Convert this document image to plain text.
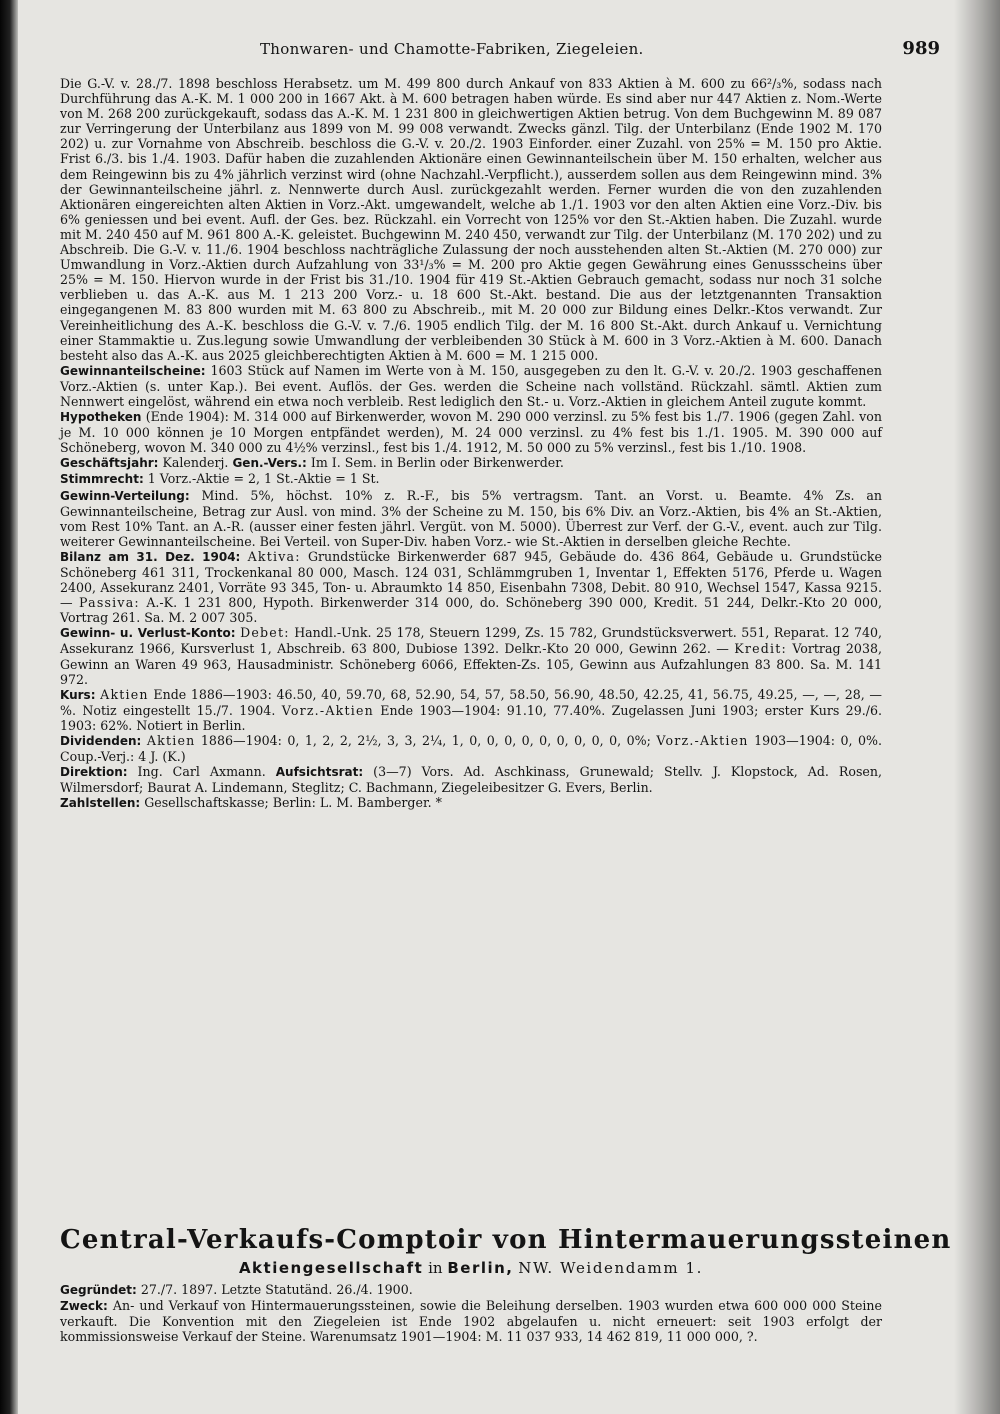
Thonwaren- und Chamotte-Fabriken, Ziegeleien.	989

Die G.-V. v. 28./7. 1898 beschloss Herabsetz. um M. 499 800 durch Ankauf von 833 Aktien à M. 600 zu 66²/₃%, sodass nach Durchführung das A.-K. M. 1 000 200 in 1667 Akt. à M. 600 betragen haben würde. Es sind aber nur 447 Aktien z. Nom.-Werte von M. 268 200 zurückgekauft, sodass das A.-K. M. 1 231 800 in gleichwertigen Aktien betrug. Von dem Buchgewinn M. 89 087 zur Verringerung der Unterbilanz aus 1899 von M. 99 008 verwandt. Zwecks gänzl. Tilg. der Unterbilanz (Ende 1902 M. 170 202) u. zur Vornahme von Abschreib. beschloss die G.-V. v. 20./2. 1903 Einforder. einer Zuzahl. von 25% = M. 150 pro Aktie. Frist 6./3. bis 1./4. 1903. Dafür haben die zuzahlenden Aktionäre einen Gewinnanteilschein über M. 150 erhalten, welcher aus dem Reingewinn bis zu 4% jährlich verzinst wird (ohne Nachzahl.-Verpflicht.), ausserdem sollen aus dem Reingewinn mind. 3% der Gewinnanteilscheine jährl. z. Nennwerte durch Ausl. zurückgezahlt werden. Ferner wurden die von den zuzahlenden Aktionären eingereichten alten Aktien in Vorz.-Akt. umgewandelt, welche ab 1./1. 1903 vor den alten Aktien eine Vorz.-Div. bis 6% geniessen und bei event. Aufl. der Ges. bez. Rückzahl. ein Vorrecht von 125% vor den St.-Aktien haben. Die Zuzahl. wurde mit M. 240 450 auf M. 961 800 A.-K. geleistet. Buchgewinn M. 240 450, verwandt zur Tilg. der Unterbilanz (M. 170 202) und zu Abschreib. Die G.-V. v. 11./6. 1904 beschloss nachträgliche Zulassung der noch ausstehenden alten St.-Aktien (M. 270 000) zur Umwandlung in Vorz.-Aktien durch Aufzahlung von 33¹/₃% = M. 200 pro Aktie gegen Gewährung eines Genussscheins über 25% = M. 150. Hiervon wurde in der Frist bis 31./10. 1904 für 419 St.-Aktien Gebrauch gemacht, sodass nur noch 31 solche verblieben u. das A.-K. aus M. 1 213 200 Vorz.- u. 18 600 St.-Akt. bestand. Die aus der letztgenannten Transaktion eingegangenen M. 83 800 wurden mit M. 63 800 zu Abschreib., mit M. 20 000 zur Bildung eines Delkr.-Ktos verwandt. Zur Vereinheitlichung des A.-K. beschloss die G.-V. v. 7./6. 1905 endlich Tilg. der M. 16 800 St.-Akt. durch Ankauf u. Vernichtung einer Stammaktie u. Zus.legung sowie Umwandlung der verbleibenden 30 Stück à M. 600 in 3 Vorz.-Aktien à M. 600. Danach besteht also das A.-K. aus 2025 gleichberechtigten Aktien à M. 600 = M. 1 215 000.

Gewinnanteilscheine: 1603 Stück auf Namen im Werte von à M. 150, ausgegeben zu den lt. G.-V. v. 20./2. 1903 geschaffenen Vorz.-Aktien (s. unter Kap.). Bei event. Auflös. der Ges. werden die Scheine nach vollständ. Rückzahl. sämtl. Aktien zum Nennwert eingelöst, während ein etwa noch verbleib. Rest lediglich den St.- u. Vorz.-Aktien in gleichem Anteil zugute kommt.

Hypotheken (Ende 1904): M. 314 000 auf Birkenwerder, wovon M. 290 000 verzinsl. zu 5% fest bis 1./7. 1906 (gegen Zahl. von je M. 10 000 können je 10 Morgen entpfändet werden), M. 24 000 verzinsl. zu 4% fest bis 1./1. 1905. M. 390 000 auf Schöneberg, wovon M. 340 000 zu 4½% verzinsl., fest bis 1./4. 1912, M. 50 000 zu 5% verzinsl., fest bis 1./10. 1908.

Geschäftsjahr: Kalenderj. Gen.-Vers.: Im I. Sem. in Berlin oder Birkenwerder.

Stimmrecht: 1 Vorz.-Aktie = 2, 1 St.-Aktie = 1 St.

Gewinn-Verteilung: Mind. 5%, höchst. 10% z. R.-F., bis 5% vertragsm. Tant. an Vorst. u. Beamte. 4% Zs. an Gewinnanteilscheine, Betrag zur Ausl. von mind. 3% der Scheine zu M. 150, bis 6% Div. an Vorz.-Aktien, bis 4% an St.-Aktien, vom Rest 10% Tant. an A.-R. (ausser einer festen jährl. Vergüt. von M. 5000). Überrest zur Verf. der G.-V., event. auch zur Tilg. weiterer Gewinnanteilscheine. Bei Verteil. von Super-Div. haben Vorz.- wie St.-Aktien in derselben gleiche Rechte.

Bilanz am 31. Dez. 1904: Aktiva: Grundstücke Birkenwerder 687 945, Gebäude do. 436 864, Gebäude u. Grundstücke Schöneberg 461 311, Trockenkanal 80 000, Masch. 124 031, Schlämmgruben 1, Inventar 1, Effekten 5176, Pferde u. Wagen 2400, Assekuranz 2401, Vorräte 93 345, Ton- u. Abraumkto 14 850, Eisenbahn 7308, Debit. 80 910, Wechsel 1547, Kassa 9215. — Passiva: A.-K. 1 231 800, Hypoth. Birkenwerder 314 000, do. Schöneberg 390 000, Kredit. 51 244, Delkr.-Kto 20 000, Vortrag 261. Sa. M. 2 007 305.

Gewinn- u. Verlust-Konto: Debet: Handl.-Unk. 25 178, Steuern 1299, Zs. 15 782, Grundstücksverwert. 551, Reparat. 12 740, Assekuranz 1966, Kursverlust 1, Abschreib. 63 800, Dubiose 1392. Delkr.-Kto 20 000, Gewinn 262. — Kredit: Vortrag 2038, Gewinn an Waren 49 963, Hausadministr. Schöneberg 6066, Effekten-Zs. 105, Gewinn aus Aufzahlungen 83 800. Sa. M. 141 972.

Kurs: Aktien Ende 1886—1903: 46.50, 40, 59.70, 68, 52.90, 54, 57, 58.50, 56.90, 48.50, 42.25, 41, 56.75, 49.25, —, —, 28, —%. Notiz eingestellt 15./7. 1904. Vorz.-Aktien Ende 1903—1904: 91.10, 77.40%. Zugelassen Juni 1903; erster Kurs 29./6. 1903: 62%. Notiert in Berlin.

Dividenden: Aktien 1886—1904: 0, 1, 2, 2, 2½, 3, 3, 2¼, 1, 0, 0, 0, 0, 0, 0, 0, 0, 0, 0%; Vorz.-Aktien 1903—1904: 0, 0%. Coup.-Verj.: 4 J. (K.)

Direktion: Ing. Carl Axmann. Aufsichtsrat: (3—7) Vors. Ad. Aschkinass, Grunewald; Stellv. J. Klopstock, Ad. Rosen, Wilmersdorf; Baurat A. Lindemann, Steglitz; C. Bachmann, Ziegeleibesitzer G. Evers, Berlin.

Zahlstellen: Gesellschaftskasse; Berlin: L. M. Bamberger. *

Central-Verkaufs-Comptoir von Hintermauerungssteinen

Aktiengesellschaft in Berlin, NW. Weidendamm 1.

Gegründet: 27./7. 1897. Letzte Statutänd. 26./4. 1900.

Zweck: An- und Verkauf von Hintermauerungssteinen, sowie die Beleihung derselben. 1903 wurden etwa 600 000 000 Steine verkauft. Die Konvention mit den Ziegeleien ist Ende 1902 abgelaufen u. nicht erneuert: seit 1903 erfolgt der kommissionsweise Verkauf der Steine. Warenumsatz 1901—1904: M. 11 037 933, 14 462 819, 11 000 000, ?.
